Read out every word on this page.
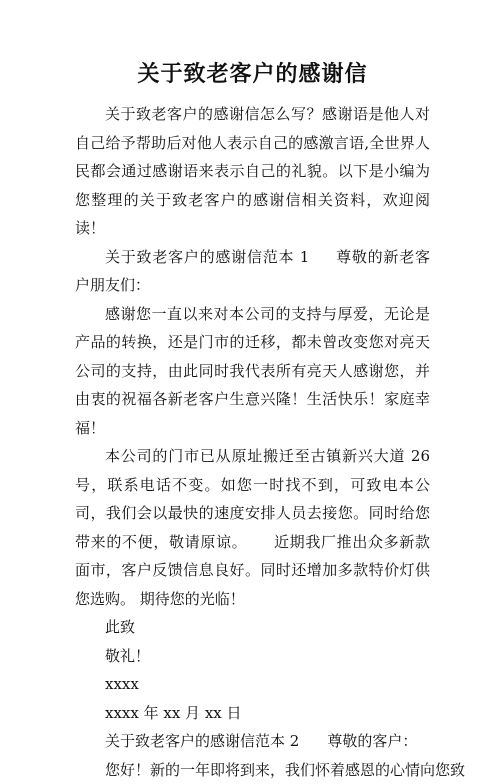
关于致老客户的感谢信

关于致老客户的感谢信怎么写？感谢语是他人对自己给予帮助后对他人表示自己的感激言语,全世界人民都会通过感谢语来表示自己的礼貌。以下是小编为您整理的关于致老客户的感谢信相关资料，欢迎阅读！

关于致老客户的感谢信范本 1 尊敬的新老客户朋友们：

感谢您一直以来对本公司的支持与厚爱，无论是产品的转换，还是门市的迁移，都未曾改变您对亮天公司的支持，由此同时我代表所有亮天人感谢您，并由衷的祝福各新老客户生意兴隆！生活快乐！家庭幸福！

本公司的门市已从原址搬迁至古镇新兴大道 26 号，联系电话不变。如您一时找不到，可致电本公司，我们会以最快的速度安排人员去接您。同时给您带来的不便，敬请原谅。 近期我厂推出众多新款面市，客户反馈信息良好。同时还增加多款特价灯供您选购。 期待您的光临！

此致
敬礼！
xxxx
xxxx 年 xx 月 xx 日
关于致老客户的感谢信范本 2 尊敬的客户：
您好！新的一年即将到来，我们怀着感恩的心情向您致
